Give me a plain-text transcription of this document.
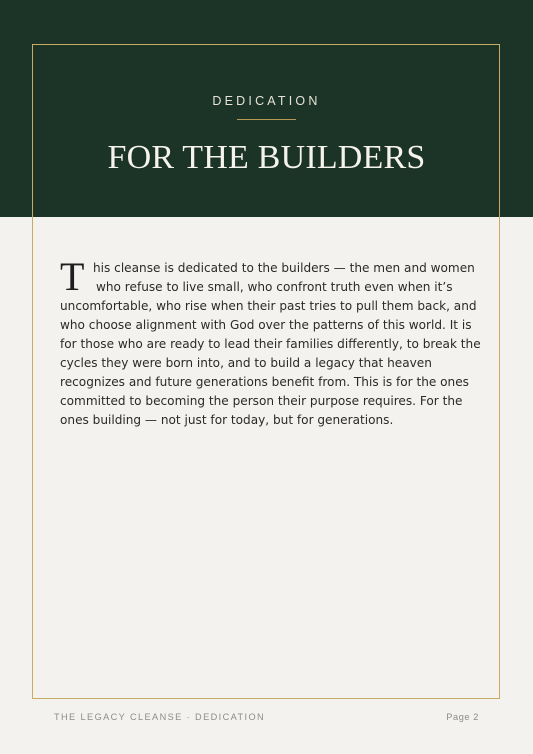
DEDICATION
FOR THE BUILDERS
T his cleanse is dedicated to the builders — the men and women
who refuse to live small, who confront truth even when it’s
uncomfortable, who rise when their past tries to pull them back, and
who choose alignment with God over the patterns of this world. It is
for those who are ready to lead their families differently, to break the
cycles they were born into, and to build a legacy that heaven
recognizes and future generations benefit from. This is for the ones
committed to becoming the person their purpose requires. For the
ones building — not just for today, but for generations.
THE LEGACY CLEANSE · DEDICATION	Page 2
